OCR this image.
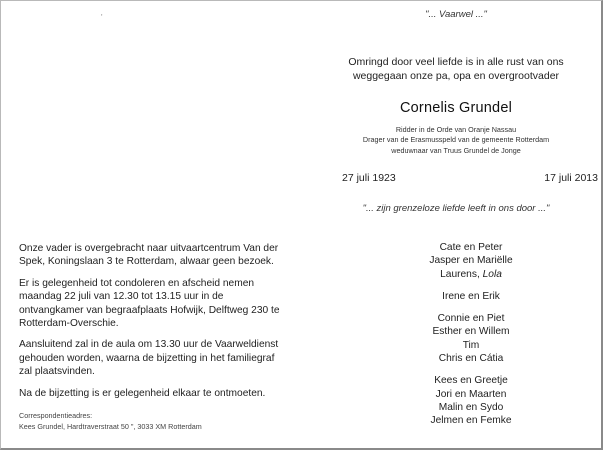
'	"... Vaarwel ..."
Omringd door veel liefde is in alle rust van ons
weggegaan onze pa, opa en overgrootvader
Cornelis Grundel
Ridder in de Orde van Oranje Nassau
Drager van de Erasmusspeld van de gemeente Rotterdam
weduwnaar van Truus Grundel de Jonge
27 juli 1923	17 juli 2013
"... zijn grenzeloze liefde leeft in ons door ..."

Onze vader is overgebracht naar uitvaartcentrum Van der Spek, Koningslaan 3 te Rotterdam, alwaar geen bezoek.

Er is gelegenheid tot condoleren en afscheid nemen maandag 22 juli van 12.30 tot 13.15 uur in de ontvangkamer van begraafplaats Hofwijk, Delftweg 230 te Rotterdam-Overschie.

Aansluitend zal in de aula om 13.30 uur de Vaarweldienst gehouden worden, waarna de bijzetting in het familiegraf zal plaatsvinden.

Na de bijzetting is er gelegenheid elkaar te ontmoeten.

Correspondentieadres:
Kees Grundel, Hardtraverstraat 50 ", 3033 XM Rotterdam
Cate en Peter
Jasper en Mariëlle
Laurens, Lola
Irene en Erik
Connie en Piet
Esther en Willem
Tim
Chris en Cátia
Kees en Greetje
Jori en Maarten
Malin en Sydo
Jelmen en Femke
